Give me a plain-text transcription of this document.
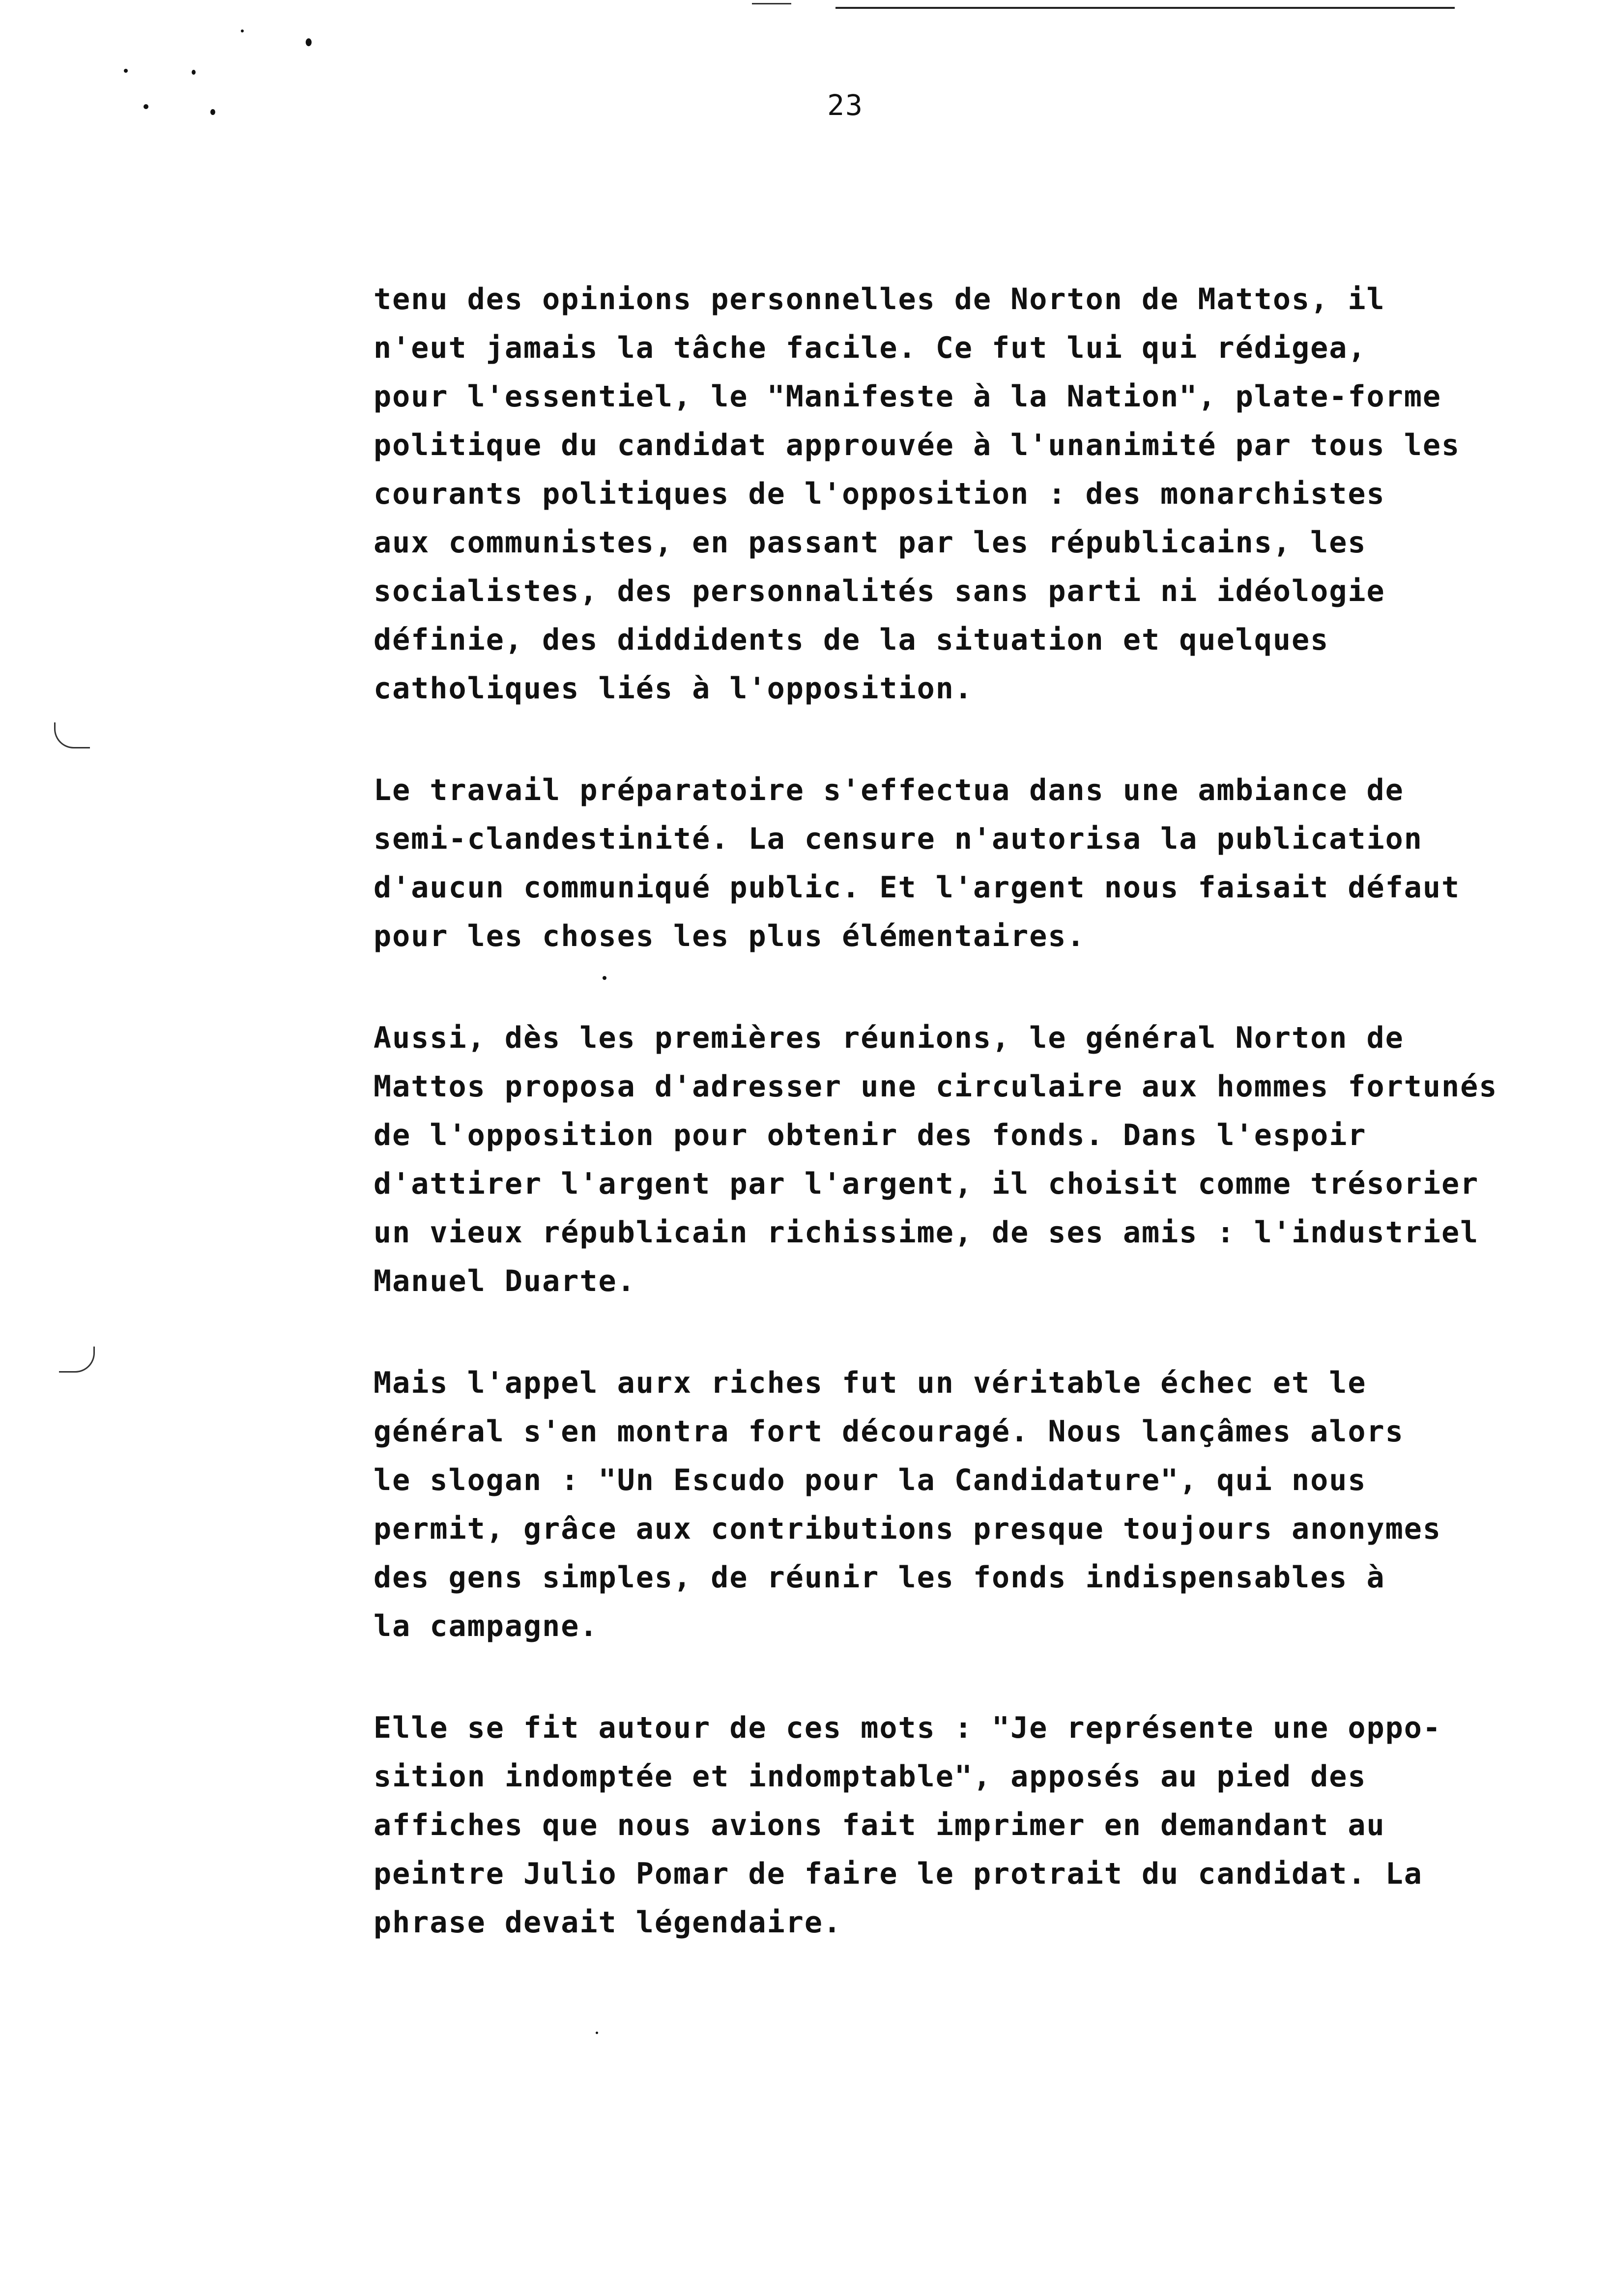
23
tenu des opinions personnelles de Norton de Mattos, il
n'eut jamais la tâche facile. Ce fut lui qui rédigea,
pour l'essentiel, le "Manifeste à la Nation", plate-forme
politique du candidat approuvée à l'unanimité par tous les
courants politiques de l'opposition : des monarchistes
aux communistes, en passant par les républicains, les
socialistes, des personnalités sans parti ni idéologie
définie, des diddidents de la situation et quelques
catholiques liés à l'opposition.
Le travail préparatoire s'effectua dans une ambiance de
semi-clandestinité. La censure n'autorisa la publication
d'aucun communiqué public. Et l'argent nous faisait défaut
pour les choses les plus élémentaires.
Aussi, dès les premières réunions, le général Norton de
Mattos proposa d'adresser une circulaire aux hommes fortunés
de l'opposition pour obtenir des fonds. Dans l'espoir
d'attirer l'argent par l'argent, il choisit comme trésorier
un vieux républicain richissime, de ses amis : l'industriel
Manuel Duarte.
Mais l'appel aurx riches fut un véritable échec et le
général s'en montra fort découragé. Nous lançâmes alors
le slogan : "Un Escudo pour la Candidature", qui nous
permit, grâce aux contributions presque toujours anonymes
des gens simples, de réunir les fonds indispensables à
la campagne.
Elle se fit autour de ces mots : "Je représente une oppo-
sition indomptée et indomptable", apposés au pied des
affiches que nous avions fait imprimer en demandant au
peintre Julio Pomar de faire le protrait du candidat. La
phrase devait légendaire.
